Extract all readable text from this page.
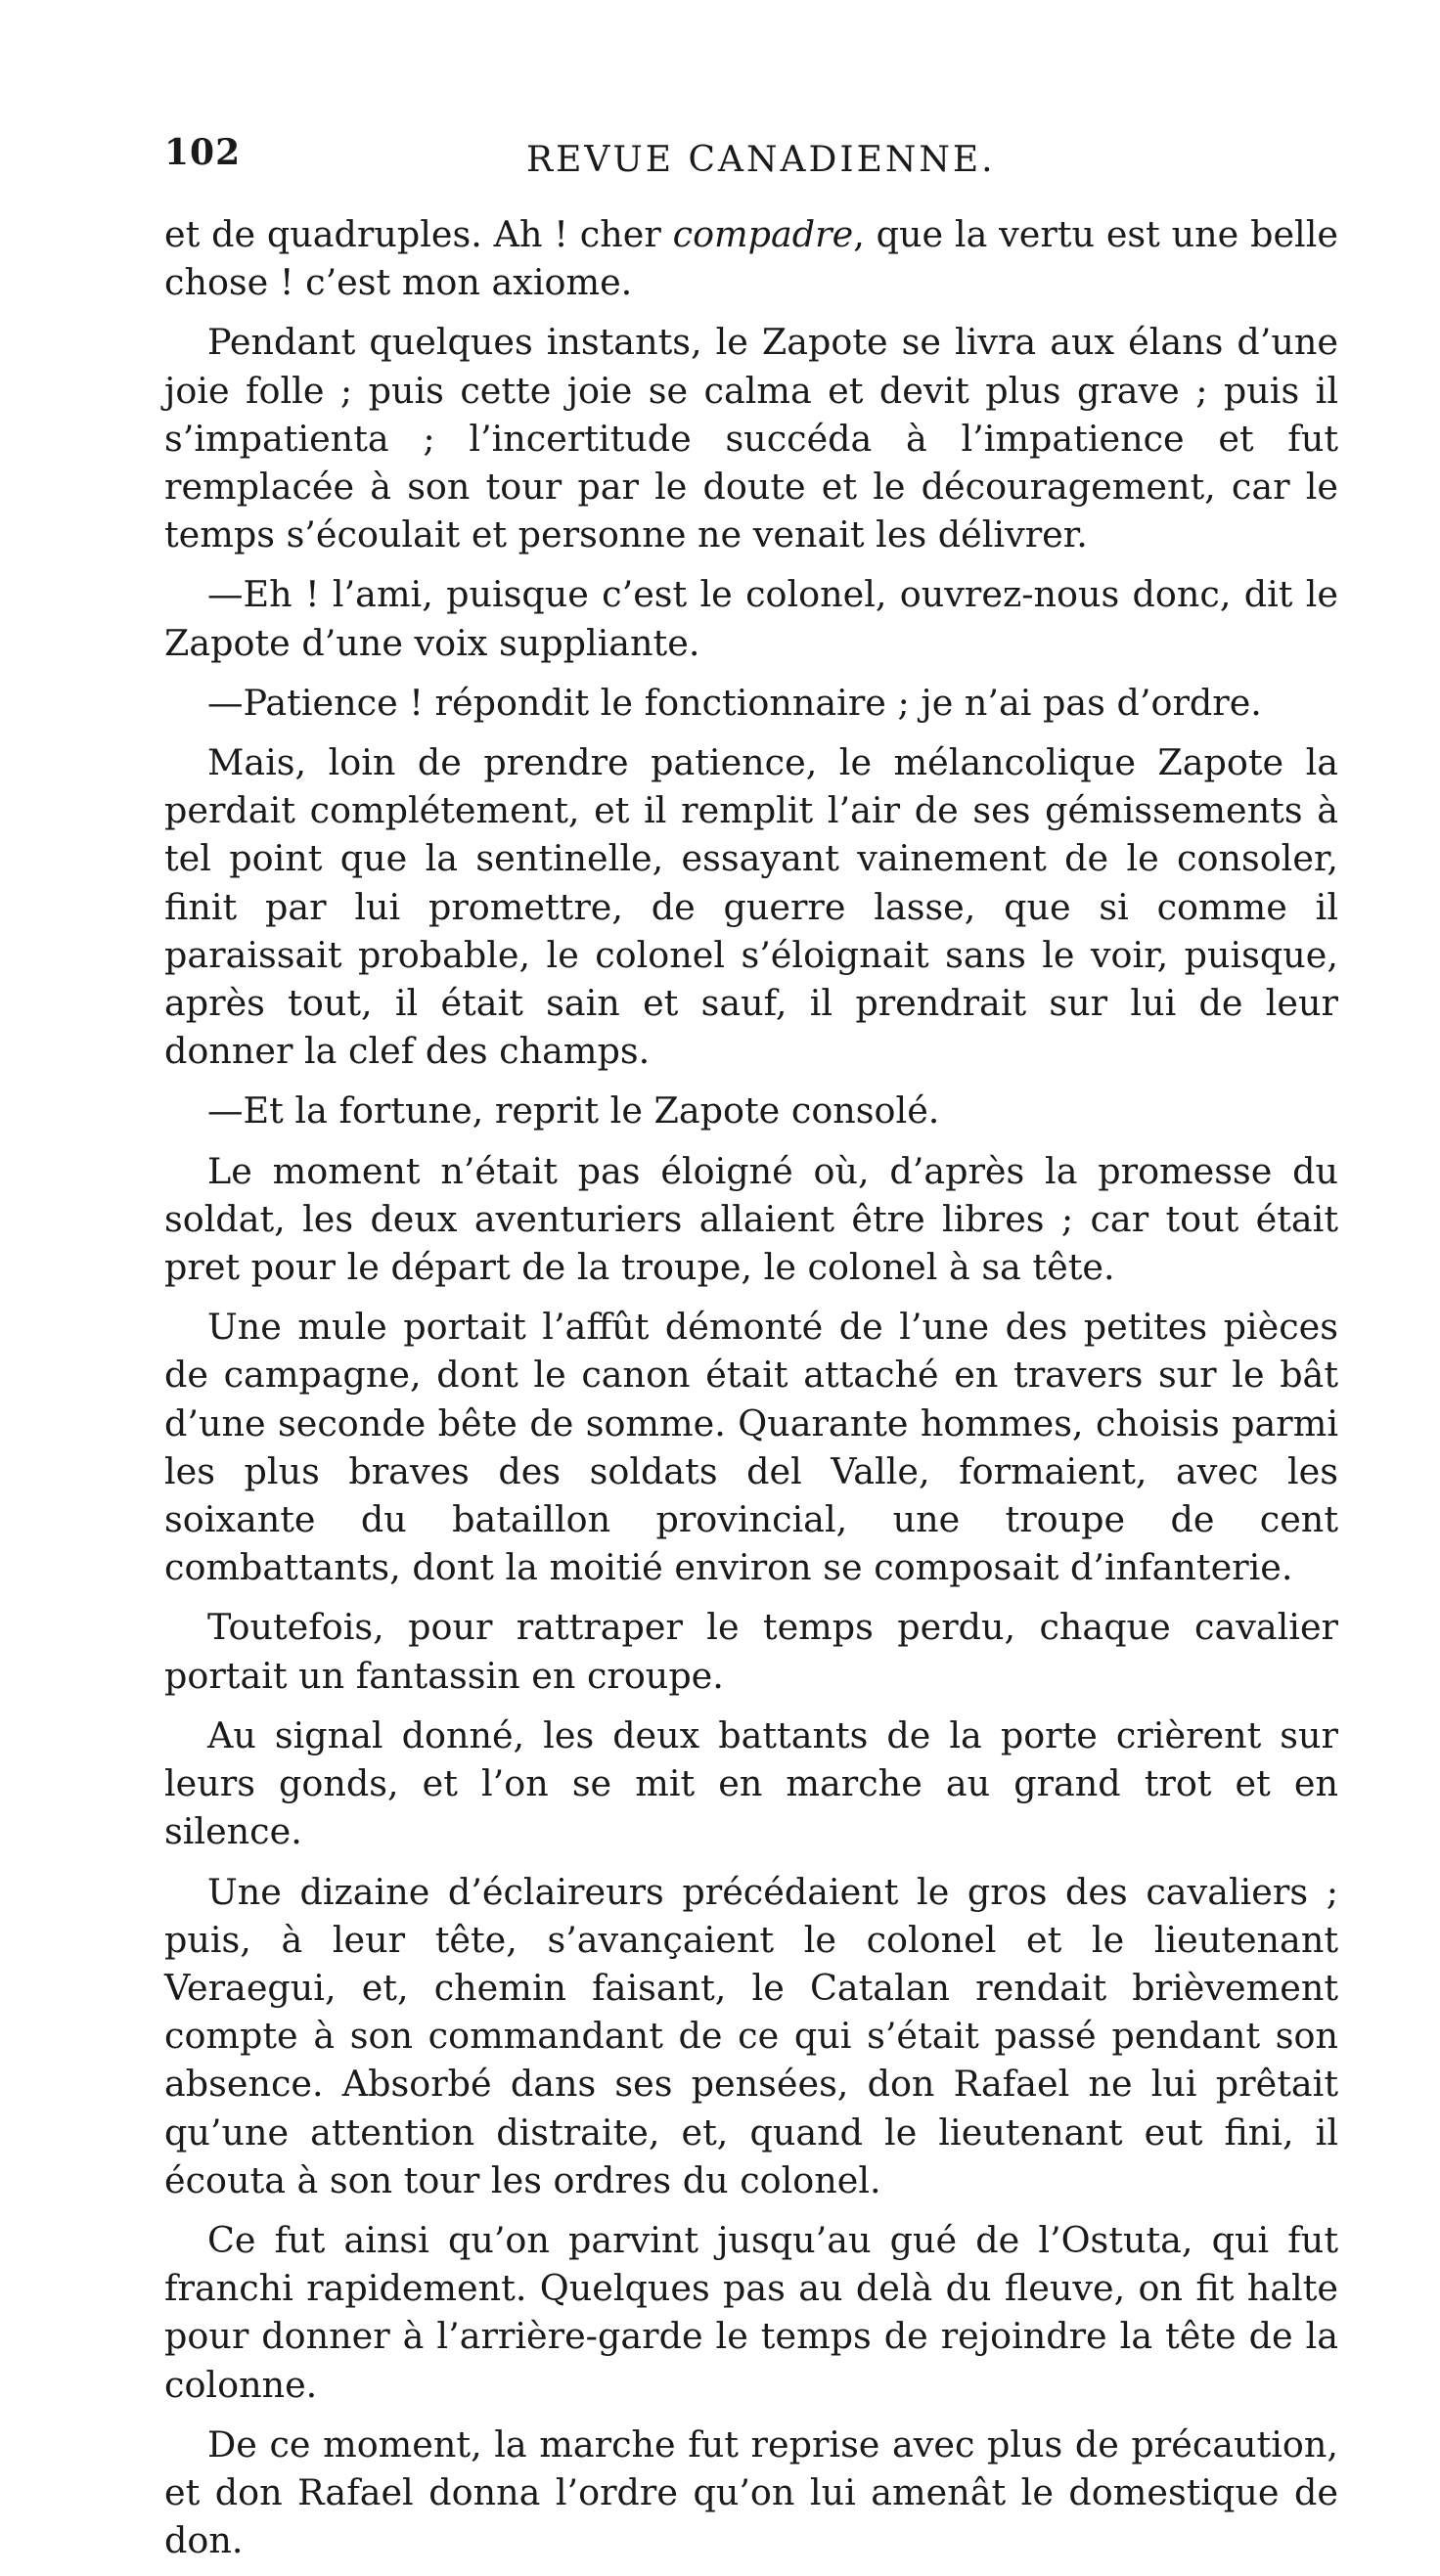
102	REVUE CANADIENNE.

et de quadruples. Ah ! cher compadre, que la vertu est une belle chose ! c’est mon axiome.

Pendant quelques instants, le Zapote se livra aux élans d’une joie folle ; puis cette joie se calma et devit plus grave ; puis il s’impatienta ; l’incertitude succéda à l’impatience et fut remplacée à son tour par le doute et le découragement, car le temps s’écoulait et personne ne venait les délivrer.

—Eh ! l’ami, puisque c’est le colonel, ouvrez-nous donc, dit le Zapote d’une voix suppliante.

—Patience ! répondit le fonctionnaire ; je n’ai pas d’ordre.

Mais, loin de prendre patience, le mélancolique Zapote la perdait complétement, et il remplit l’air de ses gémissements à tel point que la sentinelle, essayant vainement de le consoler, finit par lui promettre, de guerre lasse, que si comme il paraissait probable, le colonel s’éloignait sans le voir, puisque, après tout, il était sain et sauf, il prendrait sur lui de leur donner la clef des champs.

—Et la fortune, reprit le Zapote consolé.

Le moment n’était pas éloigné où, d’après la promesse du soldat, les deux aventuriers allaient être libres ; car tout était pret pour le départ de la troupe, le colonel à sa tête.

Une mule portait l’affût démonté de l’une des petites pièces de campagne, dont le canon était attaché en travers sur le bât d’une seconde bête de somme. Quarante hommes, choisis parmi les plus braves des soldats del Valle, formaient, avec les soixante du bataillon provincial, une troupe de cent combattants, dont la moitié environ se composait d’infanterie.

Toutefois, pour rattraper le temps perdu, chaque cavalier portait un fantassin en croupe.

Au signal donné, les deux battants de la porte crièrent sur leurs gonds, et l’on se mit en marche au grand trot et en silence.

Une dizaine d’éclaireurs précédaient le gros des cavaliers ; puis, à leur tête, s’avançaient le colonel et le lieutenant Veraegui, et, chemin faisant, le Catalan rendait brièvement compte à son commandant de ce qui s’était passé pendant son absence. Absorbé dans ses pensées, don Rafael ne lui prêtait qu’une attention distraite, et, quand le lieutenant eut fini, il écouta à son tour les ordres du colonel.

Ce fut ainsi qu’on parvint jusqu’au gué de l’Ostuta, qui fut franchi rapidement. Quelques pas au delà du fleuve, on fit halte pour donner à l’arrière-garde le temps de rejoindre la tête de la colonne.

De ce moment, la marche fut reprise avec plus de précaution, et don Rafael donna l’ordre qu’on lui amenât le domestique de don.
